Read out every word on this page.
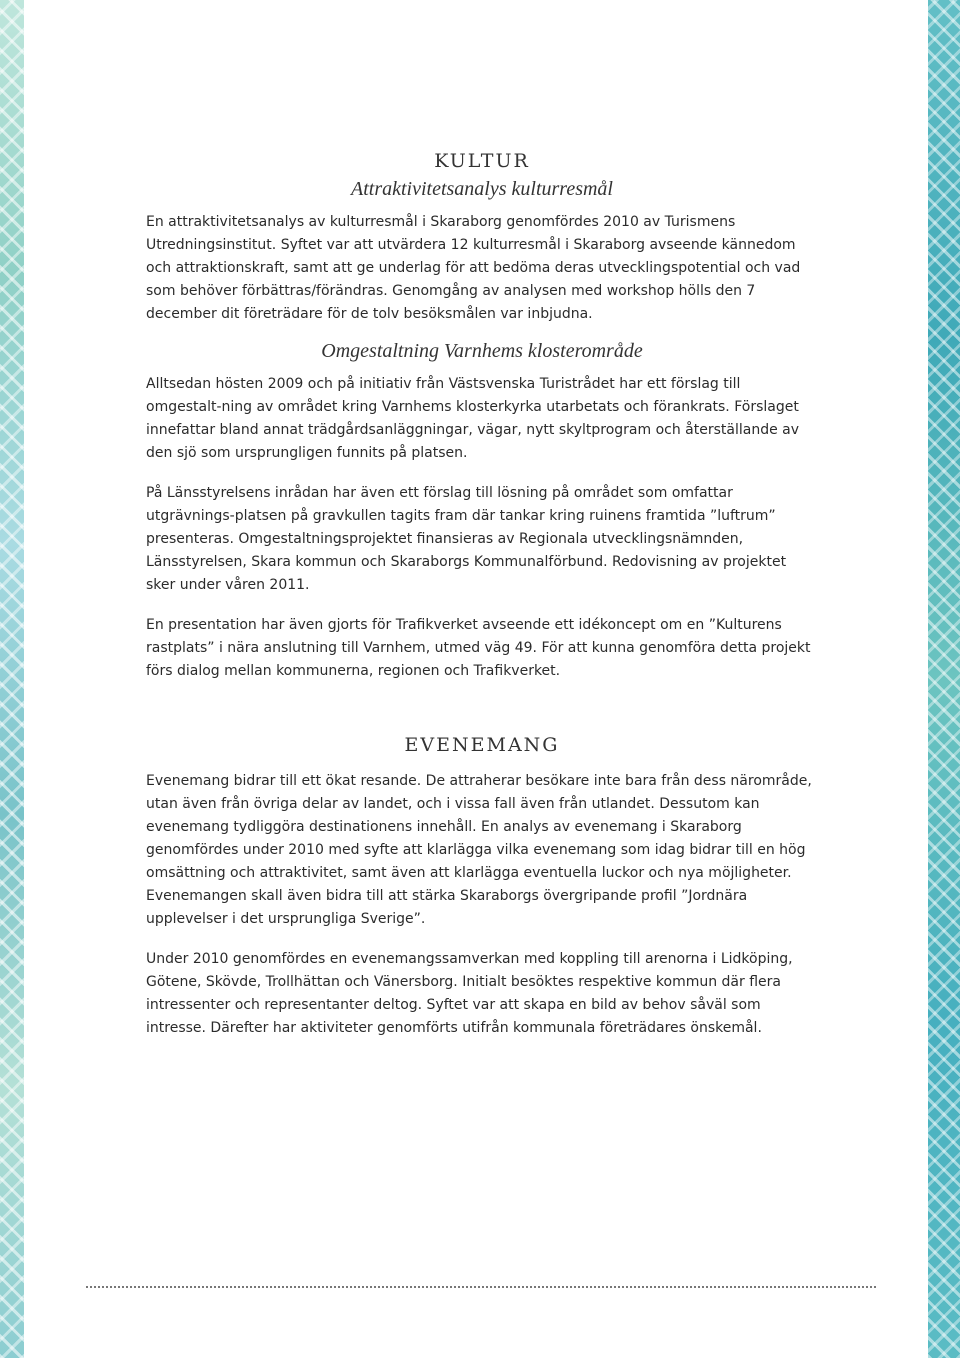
KULTUR
Attraktivitetsanalys kulturresmål

En attraktivitetsanalys av kulturresmål i Skaraborg genomfördes 2010 av Turismens Utredningsinstitut. Syftet var att utvärdera 12 kulturresmål i Skaraborg avseende kännedom och attraktionskraft, samt att ge underlag för att bedöma deras utvecklingspotential och vad som behöver förbättras/förändras. Genomgång av analysen med workshop hölls den 7 december dit företrädare för de tolv besöksmålen var inbjudna.

Omgestaltning Varnhems klosterområde

Alltsedan hösten 2009 och på initiativ från Västsvenska Turistrådet har ett förslag till omgestalt-ning av området kring Varnhems klosterkyrka utarbetats och förankrats. Förslaget innefattar bland annat trädgårdsanläggningar, vägar, nytt skyltprogram och återställande av den sjö som ursprungligen funnits på platsen.

På Länsstyrelsens inrådan har även ett förslag till lösning på området som omfattar utgrävnings-platsen på gravkullen tagits fram där tankar kring ruinens framtida ”luftrum” presenteras. Omgestaltningsprojektet finansieras av Regionala utvecklingsnämnden, Länsstyrelsen, Skara kommun och Skaraborgs Kommunalförbund. Redovisning av projektet sker under våren 2011.

En presentation har även gjorts för Trafikverket avseende ett idékoncept om en ”Kulturens rastplats” i nära anslutning till Varnhem, utmed väg 49. För att kunna genomföra detta projekt förs dialog mellan kommunerna, regionen och Trafikverket.

EVENEMANG

Evenemang bidrar till ett ökat resande. De attraherar besökare inte bara från dess närområde, utan även från övriga delar av landet, och i vissa fall även från utlandet. Dessutom kan evenemang tydliggöra destinationens innehåll. En analys av evenemang i Skaraborg genomfördes under 2010 med syfte att klarlägga vilka evenemang som idag bidrar till en hög omsättning och attraktivitet, samt även att klarlägga eventuella luckor och nya möjligheter. Evenemangen skall även bidra till att stärka Skaraborgs övergripande profil ”Jordnära upplevelser i det ursprungliga Sverige”.

Under 2010 genomfördes en evenemangssamverkan med koppling till arenorna i Lidköping, Götene, Skövde, Trollhättan och Vänersborg. Initialt besöktes respektive kommun där flera intressenter och representanter deltog. Syftet var att skapa en bild av behov såväl som intresse. Därefter har aktiviteter genomförts utifrån kommunala företrädares önskemål.
